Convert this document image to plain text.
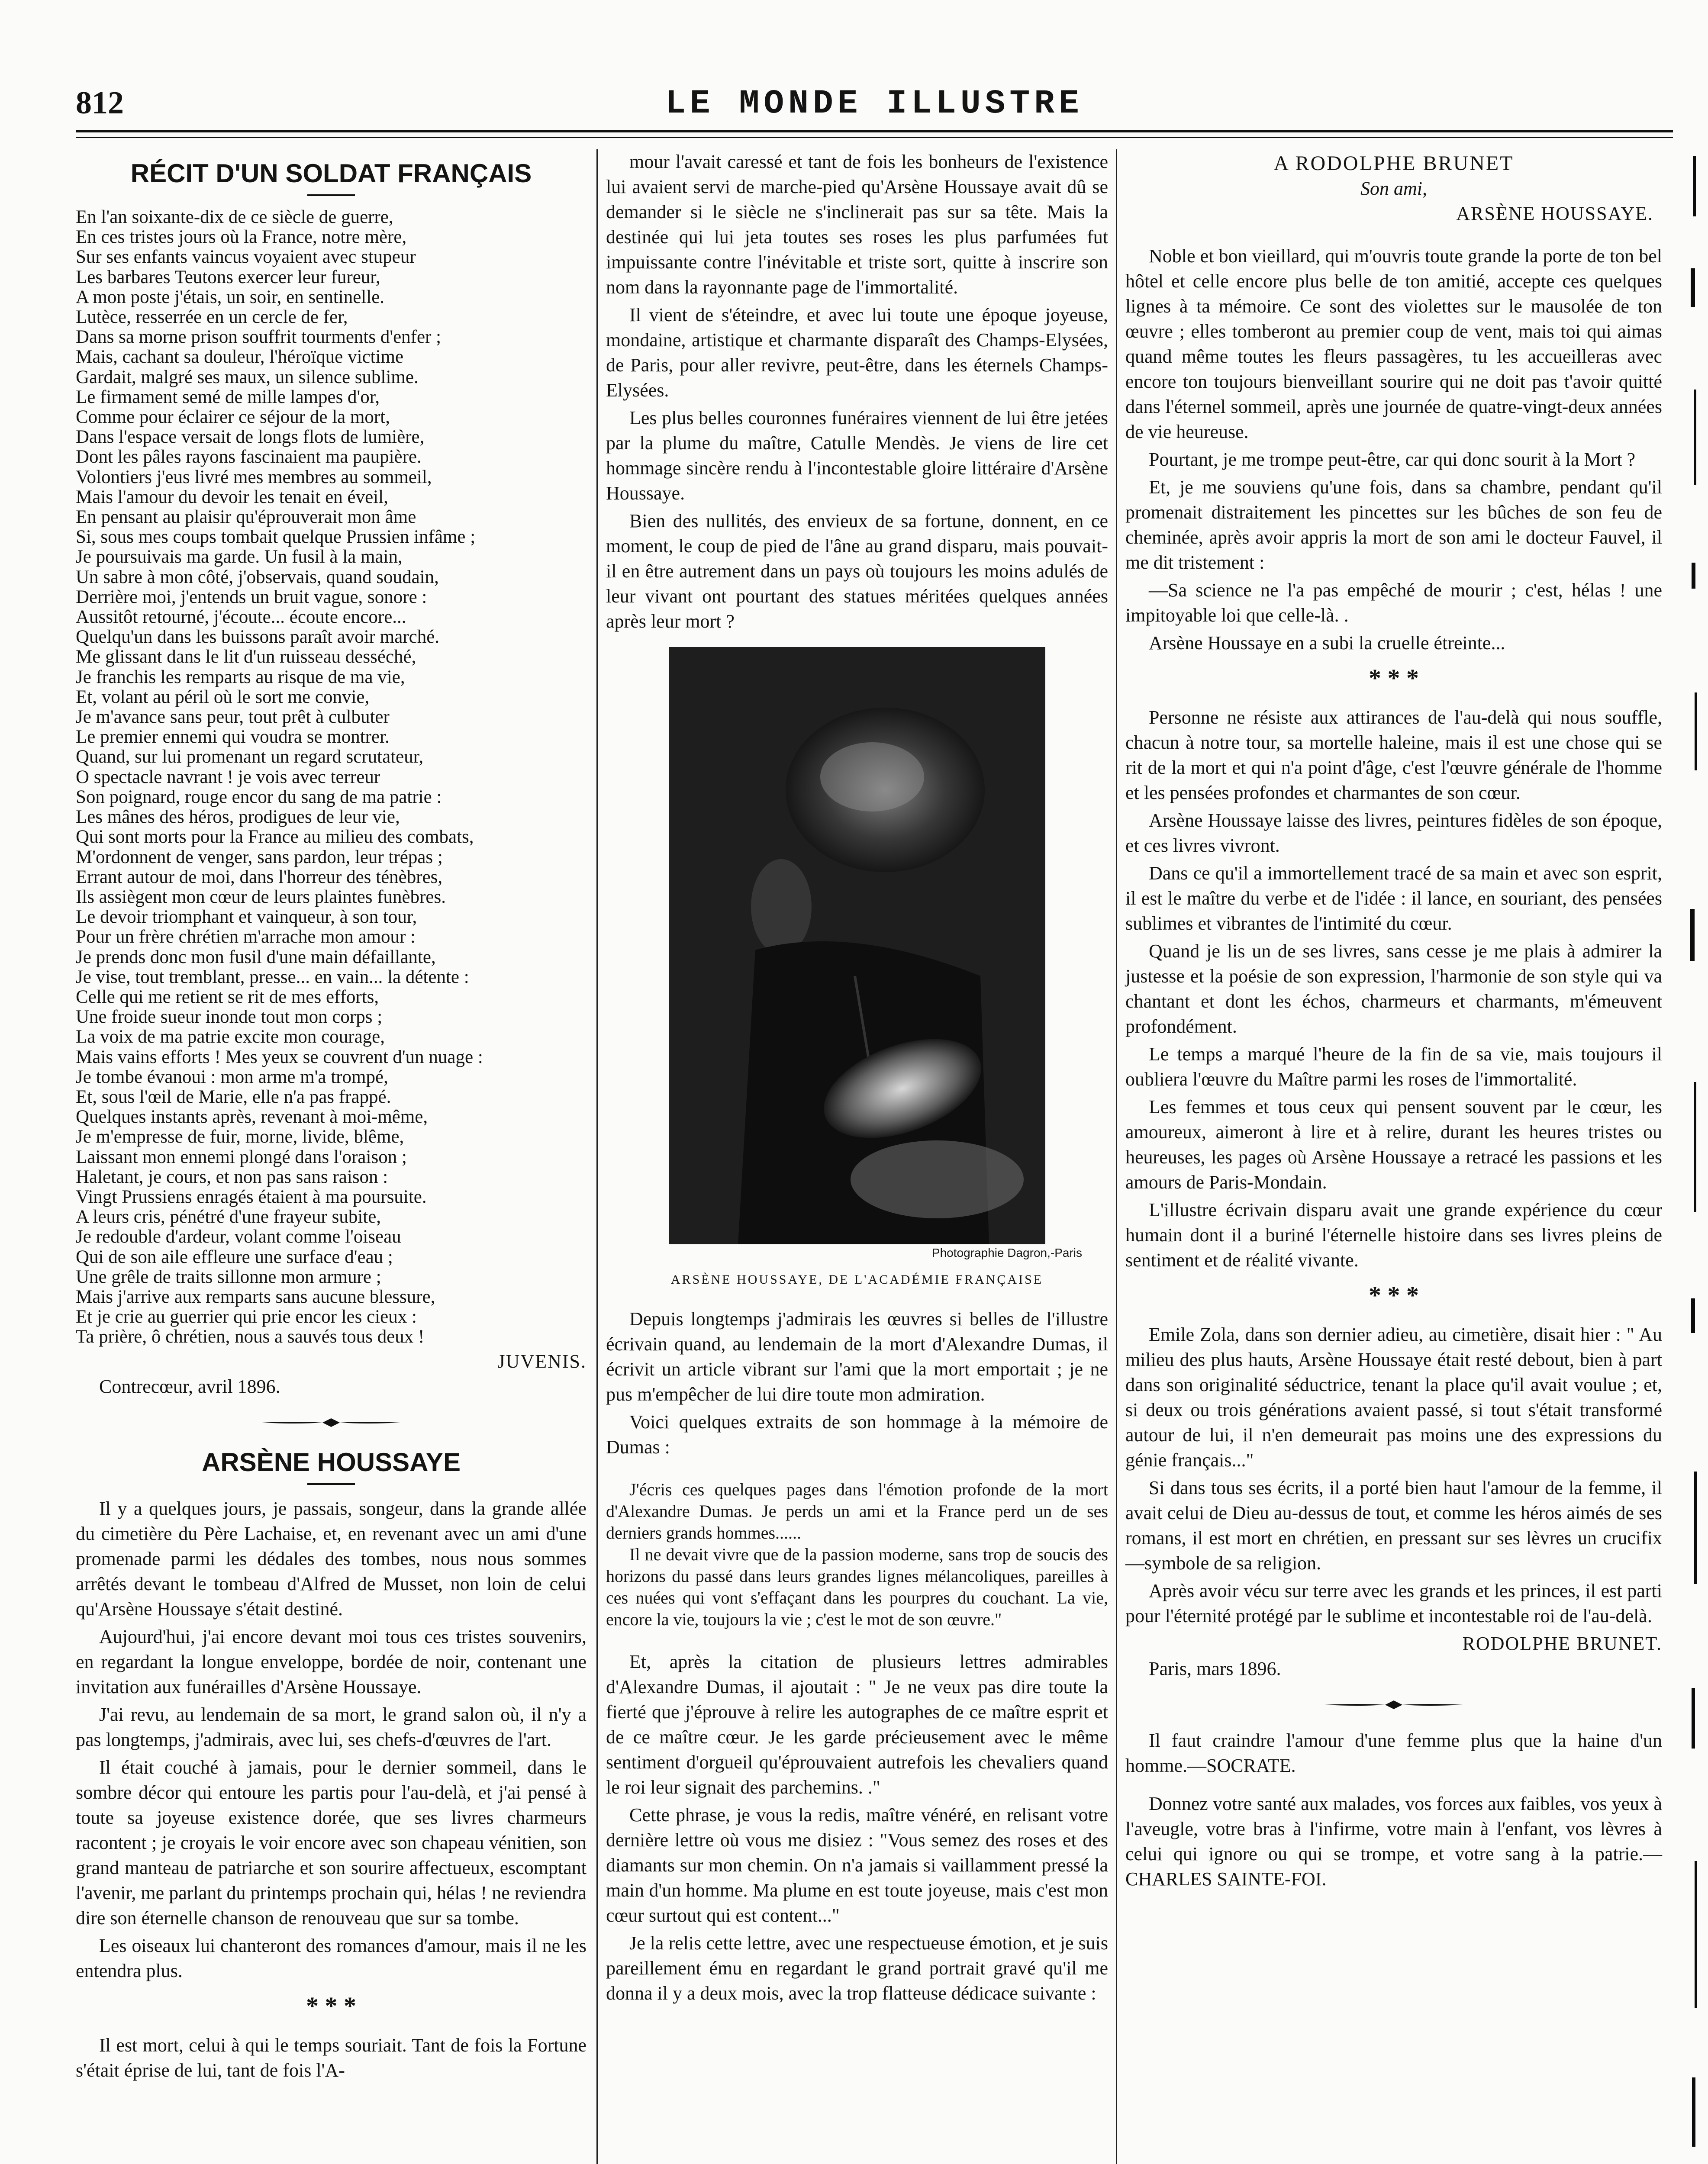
812	LE MONDE ILLUSTRE
RÉCIT D'UN SOLDAT FRANÇAIS
En l'an soixante-dix de ce siècle de guerre,
En ces tristes jours où la France, notre mère,
Sur ses enfants vaincus voyaient avec stupeur
Les barbares Teutons exercer leur fureur,
A mon poste j'étais, un soir, en sentinelle.
Lutèce, resserrée en un cercle de fer,
Dans sa morne prison souffrit tourments d'enfer ;
Mais, cachant sa douleur, l'héroïque victime
Gardait, malgré ses maux, un silence sublime.
Le firmament semé de mille lampes d'or,
Comme pour éclairer ce séjour de la mort,
Dans l'espace versait de longs flots de lumière,
Dont les pâles rayons fascinaient ma paupière.
Volontiers j'eus livré mes membres au sommeil,
Mais l'amour du devoir les tenait en éveil,
En pensant au plaisir qu'éprouverait mon âme
Si, sous mes coups tombait quelque Prussien infâme ;
Je poursuivais ma garde. Un fusil à la main,
Un sabre à mon côté, j'observais, quand soudain,
Derrière moi, j'entends un bruit vague, sonore :
Aussitôt retourné, j'écoute... écoute encore...
Quelqu'un dans les buissons paraît avoir marché.
Me glissant dans le lit d'un ruisseau desséché,
Je franchis les remparts au risque de ma vie,
Et, volant au péril où le sort me convie,
Je m'avance sans peur, tout prêt à culbuter
Le premier ennemi qui voudra se montrer.
Quand, sur lui promenant un regard scrutateur,
O spectacle navrant ! je vois avec terreur
Son poignard, rouge encor du sang de ma patrie :
Les mânes des héros, prodigues de leur vie,
Qui sont morts pour la France au milieu des combats,
M'ordonnent de venger, sans pardon, leur trépas ;
Errant autour de moi, dans l'horreur des ténèbres,
Ils assiègent mon cœur de leurs plaintes funèbres.
Le devoir triomphant et vainqueur, à son tour,
Pour un frère chrétien m'arrache mon amour :
Je prends donc mon fusil d'une main défaillante,
Je vise, tout tremblant, presse... en vain... la détente :
Celle qui me retient se rit de mes efforts,
Une froide sueur inonde tout mon corps ;
La voix de ma patrie excite mon courage,
Mais vains efforts ! Mes yeux se couvrent d'un nuage :
Je tombe évanoui : mon arme m'a trompé,
Et, sous l'œil de Marie, elle n'a pas frappé.
Quelques instants après, revenant à moi-même,
Je m'empresse de fuir, morne, livide, blême,
Laissant mon ennemi plongé dans l'oraison ;
Haletant, je cours, et non pas sans raison :
Vingt Prussiens enragés étaient à ma poursuite.
A leurs cris, pénétré d'une frayeur subite,
Je redouble d'ardeur, volant comme l'oiseau
Qui de son aile effleure une surface d'eau ;
Une grêle de traits sillonne mon armure ;
Mais j'arrive aux remparts sans aucune blessure,
Et je crie au guerrier qui prie encor les cieux :
Ta prière, ô chrétien, nous a sauvés tous deux !
JUVENIS.
Contrecœur, avril 1896.
ARSÈNE HOUSSAYE
Il y a quelques jours, je passais, songeur, dans la grande allée du cimetière du Père Lachaise, et, en revenant avec un ami d'une promenade parmi les dédales des tombes, nous nous sommes arrêtés devant le tombeau d'Alfred de Musset, non loin de celui qu'Arsène Houssaye s'était destiné.
Aujourd'hui, j'ai encore devant moi tous ces tristes souvenirs, en regardant la longue enveloppe, bordée de noir, contenant une invitation aux funérailles d'Arsène Houssaye.
J'ai revu, au lendemain de sa mort, le grand salon où, il n'y a pas longtemps, j'admirais, avec lui, ses chefs-d'œuvres de l'art.
Il était couché à jamais, pour le dernier sommeil, dans le sombre décor qui entoure les partis pour l'au-delà, et j'ai pensé à toute sa joyeuse existence dorée, que ses livres charmeurs racontent ; je croyais le voir encore avec son chapeau vénitien, son grand manteau de patriarche et son sourire affectueux, escomptant l'avenir, me parlant du printemps prochain qui, hélas ! ne reviendra dire son éternelle chanson de renouveau que sur sa tombe.
Les oiseaux lui chanteront des romances d'amour, mais il ne les entendra plus.
* * *
Il est mort, celui à qui le temps souriait. Tant de fois la Fortune s'était éprise de lui, tant de fois l'A-
mour l'avait caressé et tant de fois les bonheurs de l'existence lui avaient servi de marche-pied qu'Arsène Houssaye avait dû se demander si le siècle ne s'inclinerait pas sur sa tête. Mais la destinée qui lui jeta toutes ses roses les plus parfumées fut impuissante contre l'inévitable et triste sort, quitte à inscrire son nom dans la rayonnante page de l'immortalité.
Il vient de s'éteindre, et avec lui toute une époque joyeuse, mondaine, artistique et charmante disparaît des Champs-Elysées, de Paris, pour aller revivre, peut-être, dans les éternels Champs-Elysées.
Les plus belles couronnes funéraires viennent de lui être jetées par la plume du maître, Catulle Mendès. Je viens de lire cet hommage sincère rendu à l'incontestable gloire littéraire d'Arsène Houssaye.
Bien des nullités, des envieux de sa fortune, donnent, en ce moment, le coup de pied de l'âne au grand disparu, mais pouvait-il en être autrement dans un pays où toujours les moins adulés de leur vivant ont pourtant des statues méritées quelques années après leur mort ?
Photographie Dagron,-Paris
ARSÈNE HOUSSAYE, DE L'ACADÉMIE FRANÇAISE
Depuis longtemps j'admirais les œuvres si belles de l'illustre écrivain quand, au lendemain de la mort d'Alexandre Dumas, il écrivit un article vibrant sur l'ami que la mort emportait ; je ne pus m'empêcher de lui dire toute mon admiration.
Voici quelques extraits de son hommage à la mémoire de Dumas :
J'écris ces quelques pages dans l'émotion profonde de la mort d'Alexandre Dumas. Je perds un ami et la France perd un de ses derniers grands hommes......
Il ne devait vivre que de la passion moderne, sans trop de soucis des horizons du passé dans leurs grandes lignes mélancoliques, pareilles à ces nuées qui vont s'effaçant dans les pourpres du couchant. La vie, encore la vie, toujours la vie ; c'est le mot de son œuvre."
Et, après la citation de plusieurs lettres admirables d'Alexandre Dumas, il ajoutait : " Je ne veux pas dire toute la fierté que j'éprouve à relire les autographes de ce maître esprit et de ce maître cœur. Je les garde précieusement avec le même sentiment d'orgueil qu'éprouvaient autrefois les chevaliers quand le roi leur signait des parchemins. ."
Cette phrase, je vous la redis, maître vénéré, en relisant votre dernière lettre où vous me disiez : "Vous semez des roses et des diamants sur mon chemin. On n'a jamais si vaillamment pressé la main d'un homme. Ma plume en est toute joyeuse, mais c'est mon cœur surtout qui est content..."
Je la relis cette lettre, avec une respectueuse émotion, et je suis pareillement ému en regardant le grand portrait gravé qu'il me donna il y a deux mois, avec la trop flatteuse dédicace suivante :
A RODOLPHE BRUNET
Son ami,
ARSÈNE HOUSSAYE.
Noble et bon vieillard, qui m'ouvris toute grande la porte de ton bel hôtel et celle encore plus belle de ton amitié, accepte ces quelques lignes à ta mémoire. Ce sont des violettes sur le mausolée de ton œuvre ; elles tomberont au premier coup de vent, mais toi qui aimas quand même toutes les fleurs passagères, tu les accueilleras avec encore ton toujours bienveillant sourire qui ne doit pas t'avoir quitté dans l'éternel sommeil, après une journée de quatre-vingt-deux années de vie heureuse.
Pourtant, je me trompe peut-être, car qui donc sourit à la Mort ?
Et, je me souviens qu'une fois, dans sa chambre, pendant qu'il promenait distraitement les pincettes sur les bûches de son feu de cheminée, après avoir appris la mort de son ami le docteur Fauvel, il me dit tristement :
—Sa science ne l'a pas empêché de mourir ; c'est, hélas ! une impitoyable loi que celle-là. .
Arsène Houssaye en a subi la cruelle étreinte...
* * *
Personne ne résiste aux attirances de l'au-delà qui nous souffle, chacun à notre tour, sa mortelle haleine, mais il est une chose qui se rit de la mort et qui n'a point d'âge, c'est l'œuvre générale de l'homme et les pensées profondes et charmantes de son cœur.
Arsène Houssaye laisse des livres, peintures fidèles de son époque, et ces livres vivront.
Dans ce qu'il a immortellement tracé de sa main et avec son esprit, il est le maître du verbe et de l'idée : il lance, en souriant, des pensées sublimes et vibrantes de l'intimité du cœur.
Quand je lis un de ses livres, sans cesse je me plais à admirer la justesse et la poésie de son expression, l'harmonie de son style qui va chantant et dont les échos, charmeurs et charmants, m'émeuvent profondément.
Le temps a marqué l'heure de la fin de sa vie, mais toujours il oubliera l'œuvre du Maître parmi les roses de l'immortalité.
Les femmes et tous ceux qui pensent souvent par le cœur, les amoureux, aimeront à lire et à relire, durant les heures tristes ou heureuses, les pages où Arsène Houssaye a retracé les passions et les amours de Paris-Mondain.
L'illustre écrivain disparu avait une grande expérience du cœur humain dont il a buriné l'éternelle histoire dans ses livres pleins de sentiment et de réalité vivante.
* * *
Emile Zola, dans son dernier adieu, au cimetière, disait hier : " Au milieu des plus hauts, Arsène Houssaye était resté debout, bien à part dans son originalité séductrice, tenant la place qu'il avait voulue ; et, si deux ou trois générations avaient passé, si tout s'était transformé autour de lui, il n'en demeurait pas moins une des expressions du génie français..."
Si dans tous ses écrits, il a porté bien haut l'amour de la femme, il avait celui de Dieu au-dessus de tout, et comme les héros aimés de ses romans, il est mort en chrétien, en pressant sur ses lèvres un crucifix—symbole de sa religion.
Après avoir vécu sur terre avec les grands et les princes, il est parti pour l'éternité protégé par le sublime et incontestable roi de l'au-delà.
RODOLPHE BRUNET.
Paris, mars 1896.
Il faut craindre l'amour d'une femme plus que la haine d'un homme.—SOCRATE.
Donnez votre santé aux malades, vos forces aux faibles, vos yeux à l'aveugle, votre bras à l'infirme, votre main à l'enfant, vos lèvres à celui qui ignore ou qui se trompe, et votre sang à la patrie.—CHARLES SAINTE-FOI.
